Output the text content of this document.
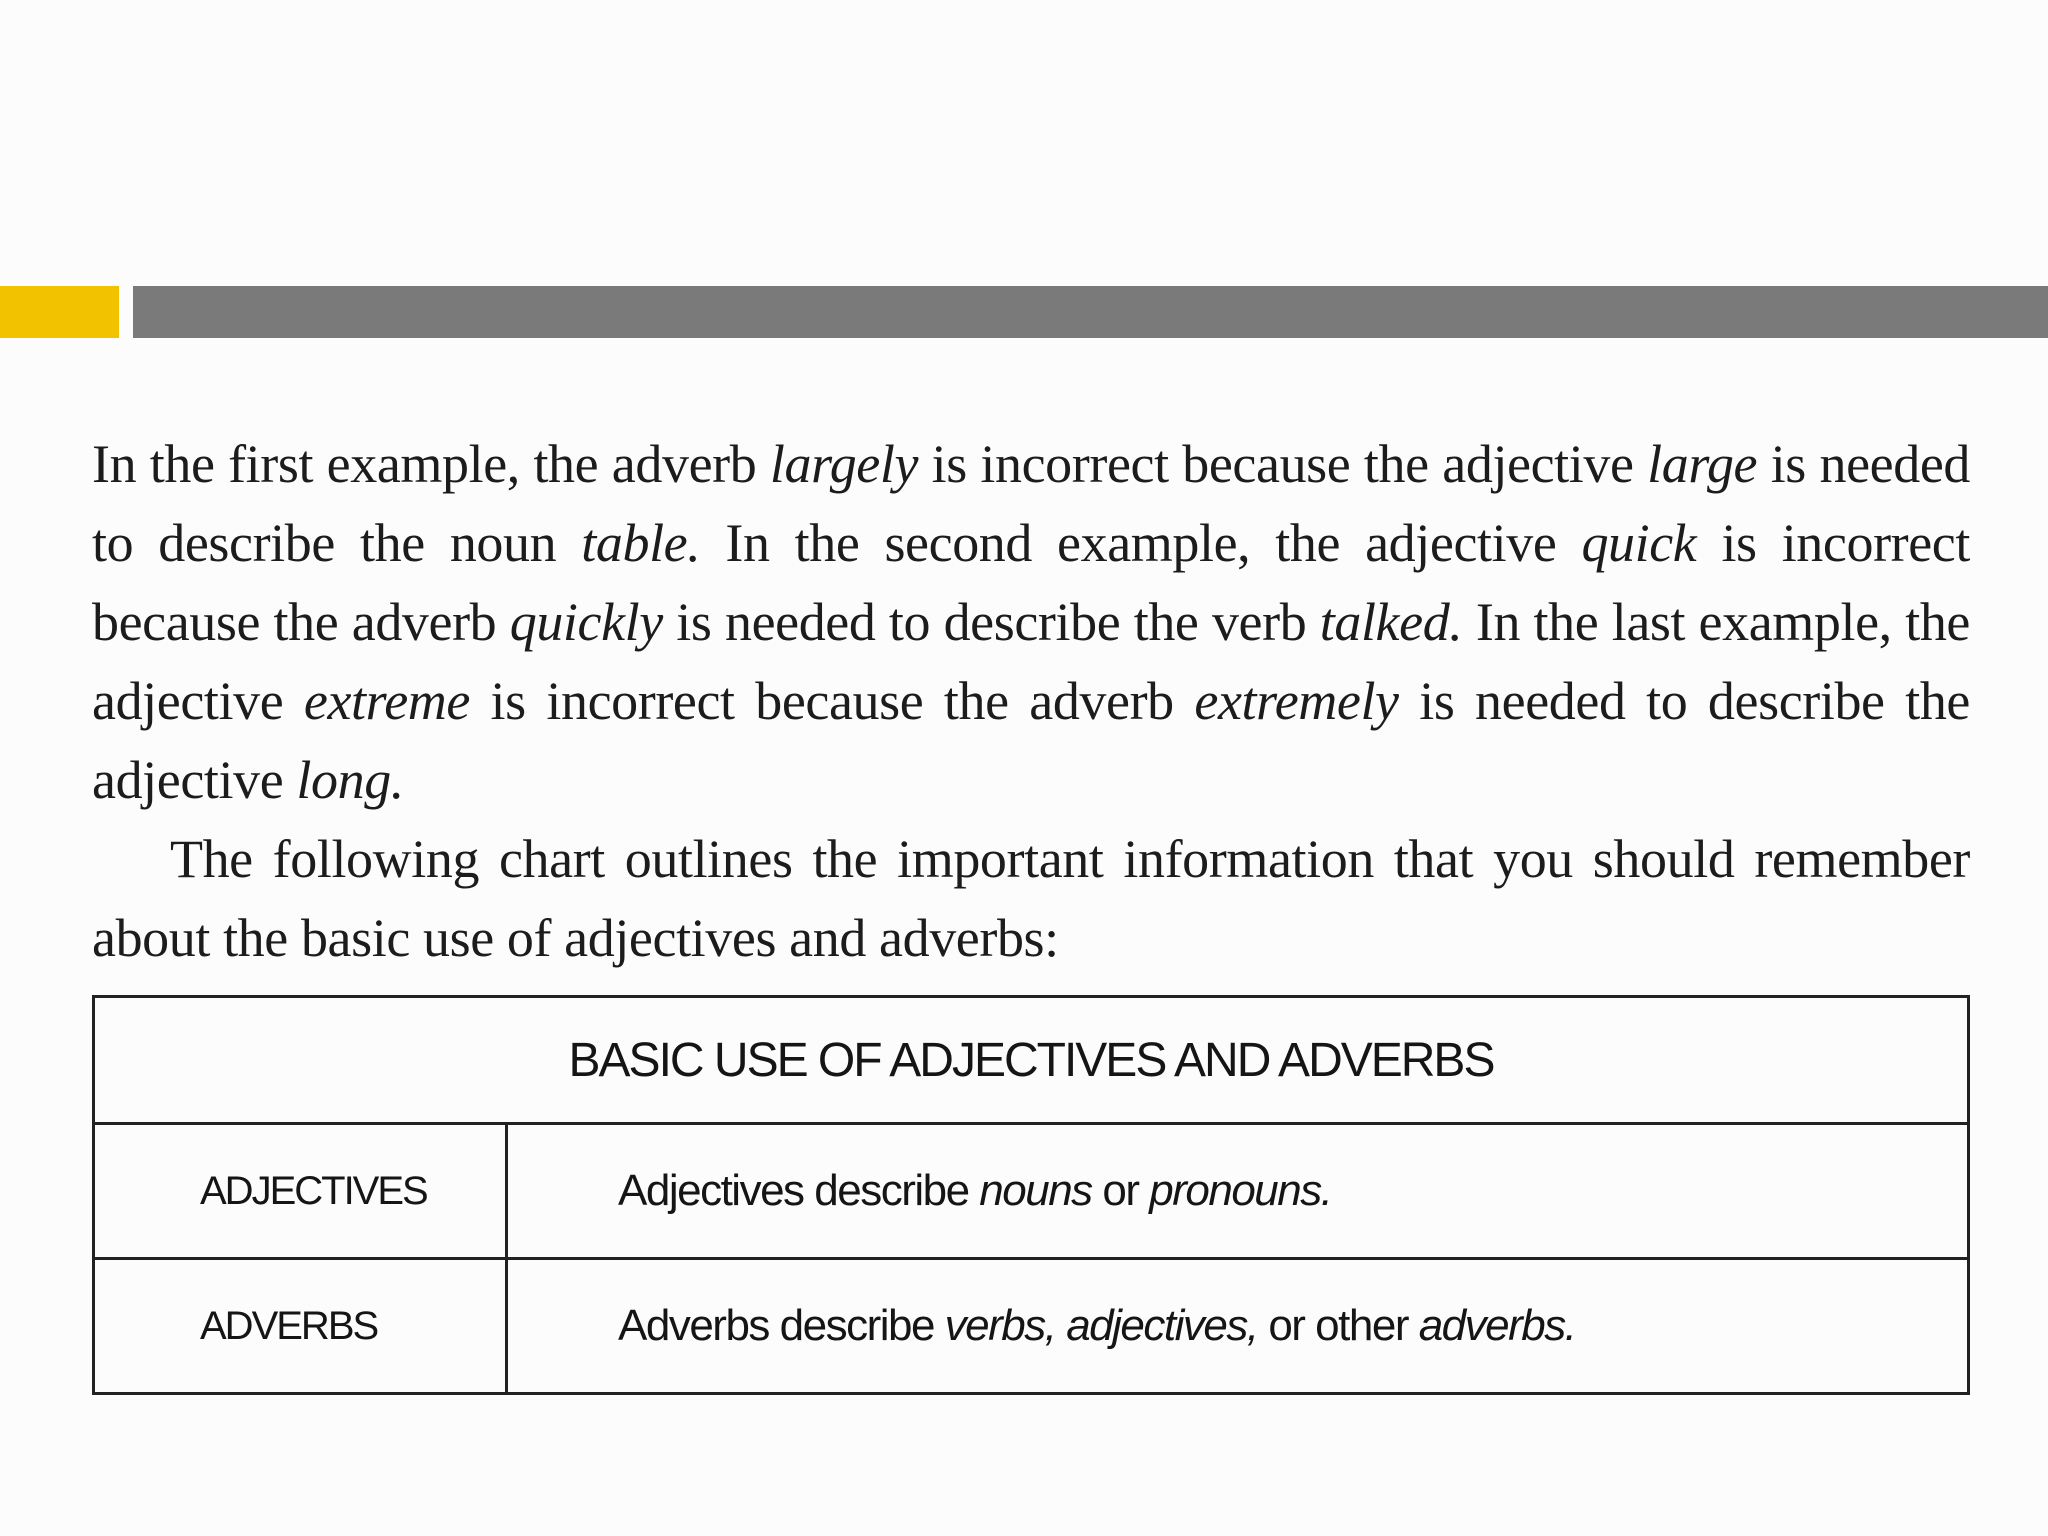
In the first example, the adverb largely is incorrect because the adjective large is needed to describe the noun table. In the second example, the adjective quick is incorrect because the adverb quickly is needed to describe the verb talked. In the last example, the adjective extreme is incorrect because the adverb extremely is needed to describe the adjective long.

The following chart outlines the important information that you should remember about the basic use of adjectives and adverbs:

BASIC USE OF ADJECTIVES AND ADVERBS	
ADJECTIVES	Adjectives describe nouns or pronouns.
ADVERBS	Adverbs describe verbs, adjectives, or other adverbs.
